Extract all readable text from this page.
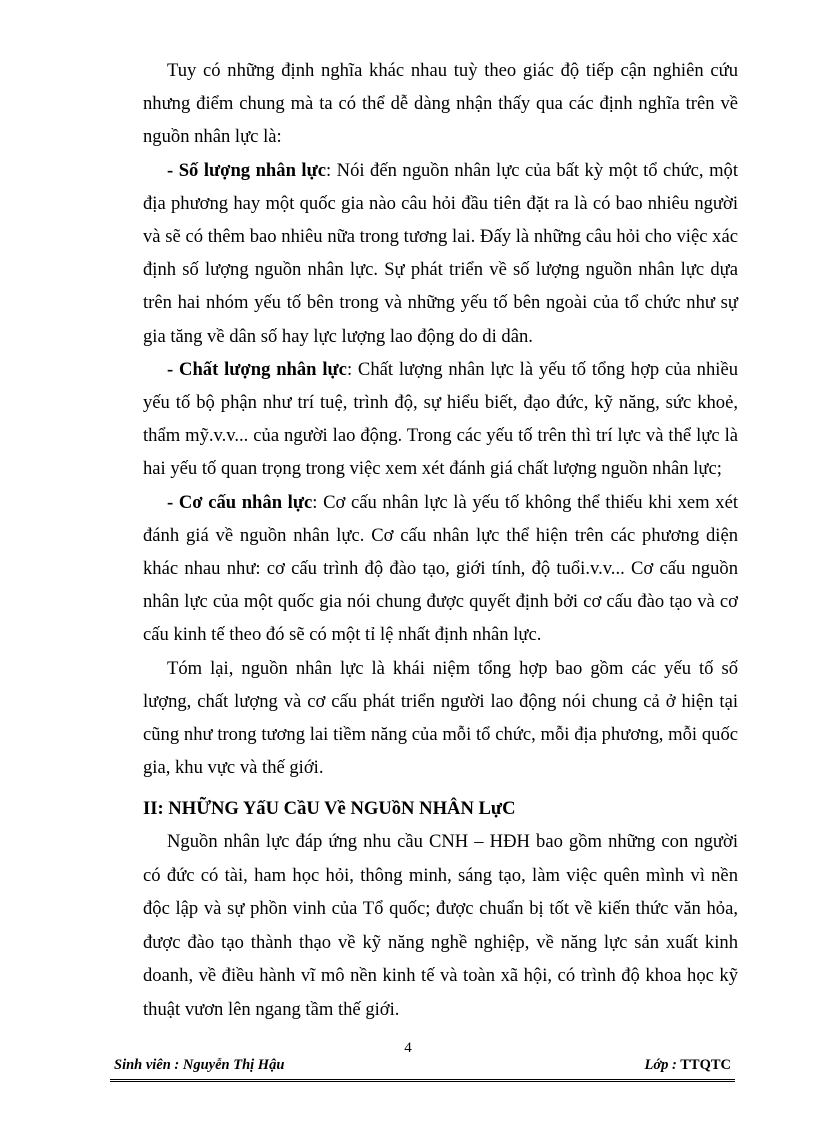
Tuy có những định nghĩa khác nhau tuỳ theo giác độ tiếp cận nghiên cứu nhưng điểm chung mà ta có thể dễ dàng nhận thấy qua các định nghĩa trên về nguồn nhân lực là:

- Số lượng nhân lực: Nói đến nguồn nhân lực của bất kỳ một tổ chức, một địa phương hay một quốc gia nào câu hỏi đầu tiên đặt ra là có bao nhiêu người và sẽ có thêm bao nhiêu nữa trong tương lai. Đấy là những câu hỏi cho việc xác định số lượng nguồn nhân lực. Sự phát triển về số lượng nguồn nhân lực dựa trên hai nhóm yếu tố bên trong và những yếu tố bên ngoài của tổ chức như sự gia tăng về dân số hay lực lượng lao động do di dân.

- Chất lượng nhân lực: Chất lượng nhân lực là yếu tố tổng hợp của nhiều yếu tố bộ phận như trí tuệ, trình độ, sự hiểu biết, đạo đức, kỹ năng, sức khoẻ, thẩm mỹ.v.v... của người lao động. Trong các yếu tố trên thì trí lực và thể lực là hai yếu tố quan trọng trong việc xem xét đánh giá chất lượng nguồn nhân lực;

- Cơ cấu nhân lực: Cơ cấu nhân lực là yếu tố không thể thiếu khi xem xét đánh giá về nguồn nhân lực. Cơ cấu nhân lực thể hiện trên các phương diện khác nhau như: cơ cấu trình độ đào tạo, giới tính, độ tuổi.v.v... Cơ cấu nguồn nhân lực của một quốc gia nói chung được quyết định bởi cơ cấu đào tạo và cơ cấu kinh tế theo đó sẽ có một tỉ lệ nhất định nhân lực.

Tóm lại, nguồn nhân lực là khái niệm tổng hợp bao gồm các yếu tố số lượng, chất lượng và cơ cấu phát triển người lao động nói chung cả ở hiện tại cũng như trong tương lai tiềm năng của mỗi tổ chức, mỗi địa phương, mỗi quốc gia, khu vực và thế giới.

II: NHỮNG YấU CầU Về NGUồN NHÂN LựC

Nguồn nhân lực đáp ứng nhu cầu CNH – HĐH bao gồm những con người có đức có tài, ham học hỏi, thông minh, sáng tạo, làm việc quên mình vì nền độc lập và sự phồn vinh của Tổ quốc; được chuẩn bị tốt về kiến thức văn hỏa, được đào tạo thành thạo về kỹ năng nghề nghiệp, về năng lực sản xuất kinh doanh, về điều hành vĩ mô nền kinh tế và toàn xã hội, có trình độ khoa học kỹ thuật vươn lên ngang tầm thế giới.

4
Sinh viên : Nguyễn Thị Hậu	Lớp : TTQTC
